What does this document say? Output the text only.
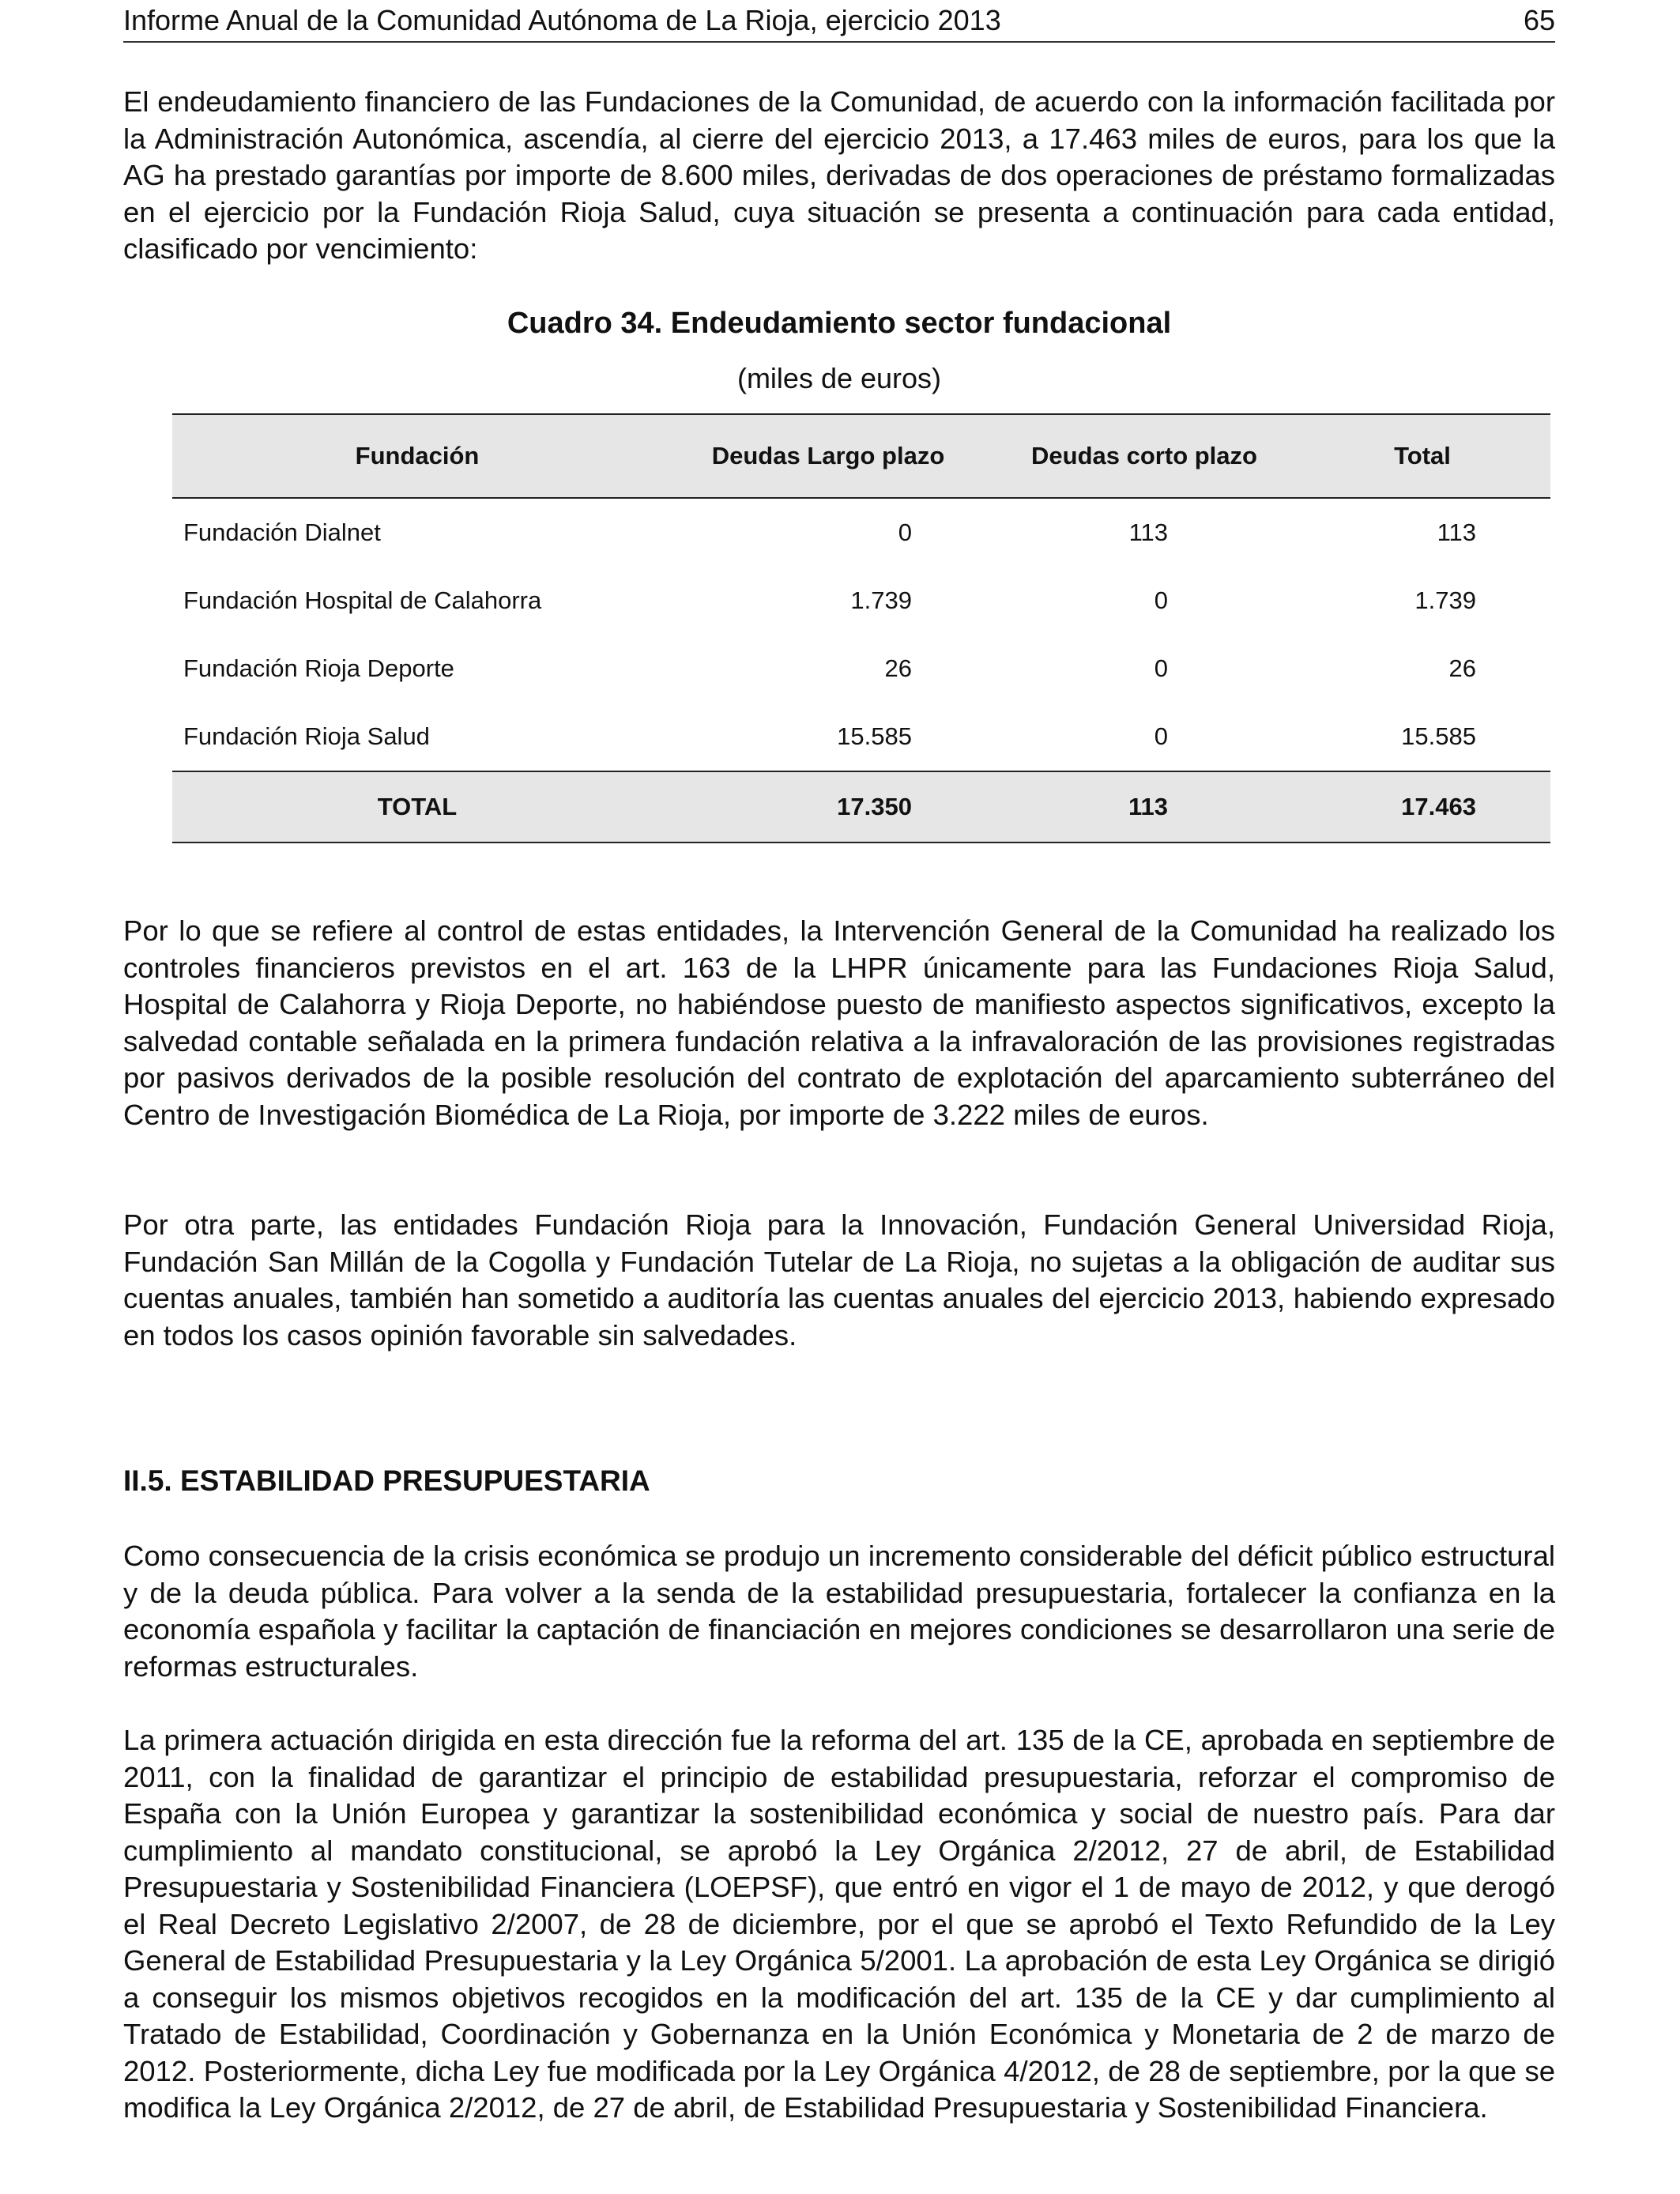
Informe Anual de la Comunidad Autónoma de La Rioja, ejercicio 2013	65

El endeudamiento financiero de las Fundaciones de la Comunidad, de acuerdo con la información facilitada por la Administración Autonómica, ascendía, al cierre del ejercicio 2013, a 17.463 miles de euros, para los que la AG ha prestado garantías por importe de 8.600 miles, derivadas de dos operaciones de préstamo formalizadas en el ejercicio por la Fundación Rioja Salud, cuya situación se presenta a continuación para cada entidad, clasificado por vencimiento:

Cuadro 34. Endeudamiento sector fundacional

(miles de euros)

Fundación	Deudas Largo plazo	Deudas corto plazo	Total
Fundación Dialnet	0	113	113
Fundación Hospital de Calahorra	1.739	0	1.739
Fundación Rioja Deporte	26	0	26
Fundación Rioja Salud	15.585	0	15.585
TOTAL	17.350	113	17.463

Por lo que se refiere al control de estas entidades, la Intervención General de la Comunidad ha realizado los controles financieros previstos en el art. 163 de la LHPR únicamente para las Fundaciones Rioja Salud, Hospital de Calahorra y Rioja Deporte, no habiéndose puesto de manifiesto aspectos significativos, excepto la salvedad contable señalada en la primera fundación relativa a la infravaloración de las provisiones registradas por pasivos derivados de la posible resolución del contrato de explotación del aparcamiento subterráneo del Centro de Investigación Biomédica de La Rioja, por importe de 3.222 miles de euros.

Por otra parte, las entidades Fundación Rioja para la Innovación, Fundación General Universidad Rioja, Fundación San Millán de la Cogolla y Fundación Tutelar de La Rioja, no sujetas a la obligación de auditar sus cuentas anuales, también han sometido a auditoría las cuentas anuales del ejercicio 2013, habiendo expresado en todos los casos opinión favorable sin salvedades.

II.5. ESTABILIDAD PRESUPUESTARIA

Como consecuencia de la crisis económica se produjo un incremento considerable del déficit público estructural y de la deuda pública. Para volver a la senda de la estabilidad presupuestaria, fortalecer la confianza en la economía española y facilitar la captación de financiación en mejores condiciones se desarrollaron una serie de reformas estructurales.

La primera actuación dirigida en esta dirección fue la reforma del art. 135 de la CE, aprobada en septiembre de 2011, con la finalidad de garantizar el principio de estabilidad presupuestaria, reforzar el compromiso de España con la Unión Europea y garantizar la sostenibilidad económica y social de nuestro país. Para dar cumplimiento al mandato constitucional, se aprobó la Ley Orgánica 2/2012, 27 de abril, de Estabilidad Presupuestaria y Sostenibilidad Financiera (LOEPSF), que entró en vigor el 1 de mayo de 2012, y que derogó el Real Decreto Legislativo 2/2007, de 28 de diciembre, por el que se aprobó el Texto Refundido de la Ley General de Estabilidad Presupuestaria y la Ley Orgánica 5/2001. La aprobación de esta Ley Orgánica se dirigió a conseguir los mismos objetivos recogidos en la modificación del art. 135 de la CE y dar cumplimiento al Tratado de Estabilidad, Coordinación y Gobernanza en la Unión Económica y Monetaria de 2 de marzo de 2012. Posteriormente, dicha Ley fue modificada por la Ley Orgánica 4/2012, de 28 de septiembre, por la que se modifica la Ley Orgánica 2/2012, de 27 de abril, de Estabilidad Presupuestaria y Sostenibilidad Financiera.
